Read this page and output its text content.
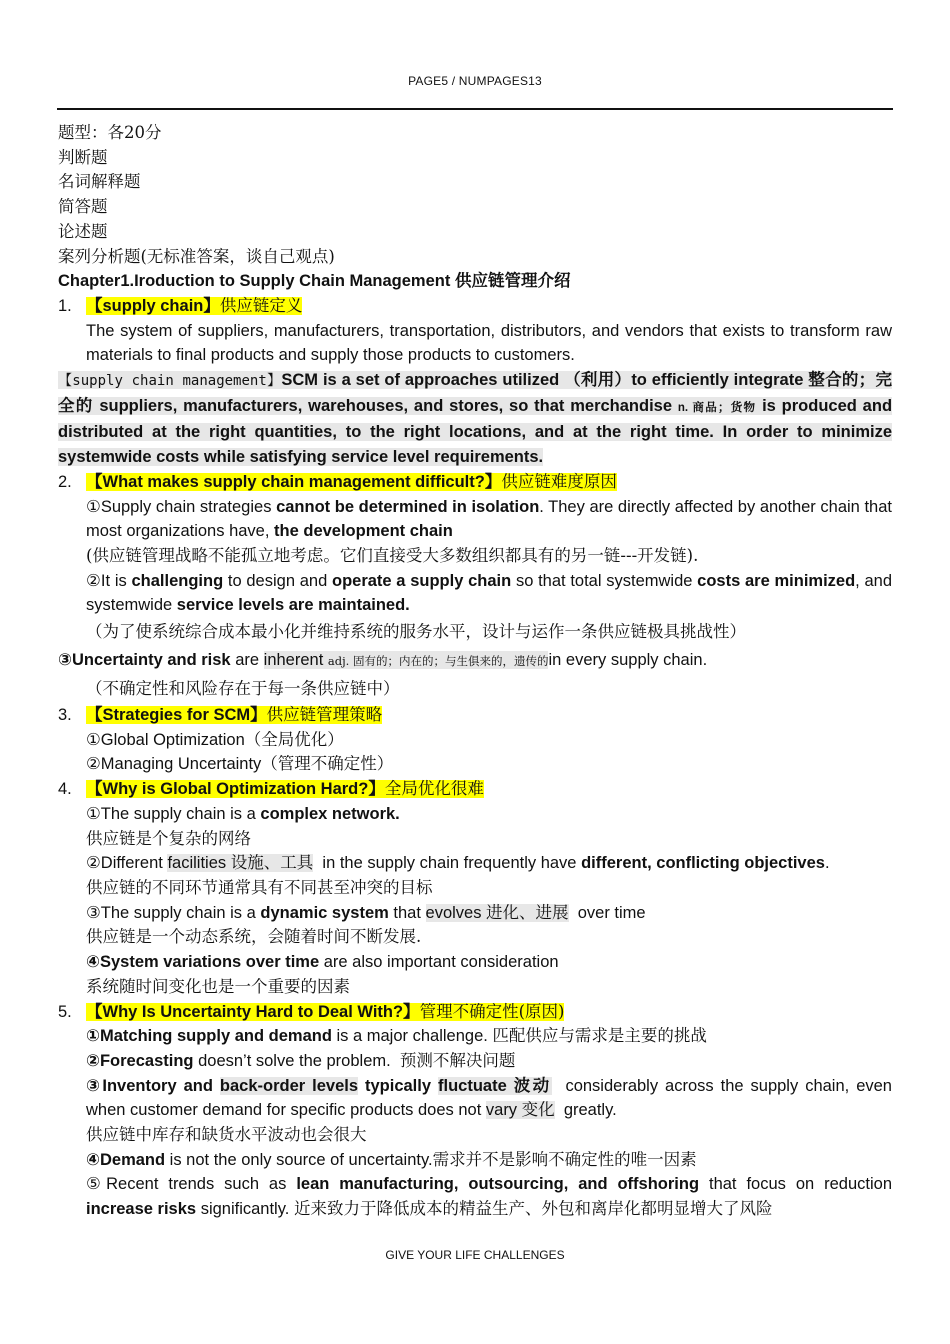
PAGE5 / NUMPAGES13

题型：各20分

判断题

名词解释题

简答题

论述题

案列分析题(无标准答案，谈自己观点)

Chapter1.Iroduction to Supply Chain Management 供应链管理介绍

1. 【supply chain】供应链定义

The system of suppliers, manufacturers, transportation, distributors, and vendors that exists to transform raw materials to final products and supply those products to customers.

【supply chain management】SCM is a set of approaches utilized （利用）to efficiently integrate 整合的；完全的 suppliers, manufacturers, warehouses, and stores, so that merchandise n. 商品；货物 is produced and distributed at the right quantities, to the right locations, and at the right time. In order to minimize systemwide costs while satisfying service level requirements.

2. 【What makes supply chain management difficult?】供应链难度原因

①Supply chain strategies cannot be determined in isolation. They are directly affected by another chain that most organizations have, the development chain

(供应链管理战略不能孤立地考虑。它们直接受大多数组织都具有的另一链---开发链).

②It is challenging to design and operate a supply chain so that total systemwide costs are minimized, and systemwide service levels are maintained.

（为了使系统综合成本最小化并维持系统的服务水平，设计与运作一条供应链极具挑战性）

③Uncertainty and risk are inherent adj. 固有的；内在的；与生俱来的，遗传的in every supply chain.

（不确定性和风险存在于每一条供应链中）

3. 【Strategies for SCM】供应链管理策略

①Global Optimization（全局优化）

②Managing Uncertainty（管理不确定性）

4. 【Why is Global Optimization Hard?】全局优化很难

①The supply chain is a complex network.

供应链是个复杂的网络

②Different facilities 设施、工具 in the supply chain frequently have different, conflicting objectives.

供应链的不同环节通常具有不同甚至冲突的目标

③The supply chain is a dynamic system that evolves 进化、进展 over time

供应链是一个动态系统，会随着时间不断发展.

④System variations over time are also important consideration

系统随时间变化也是一个重要的因素

5. 【Why Is Uncertainty Hard to Deal With?】管理不确定性(原因)

①Matching supply and demand is a major challenge. 匹配供应与需求是主要的挑战

②Forecasting doesn’t solve the problem. 预测不解决问题

③Inventory and back-order levels typically fluctuate 波动 considerably across the supply chain, even when customer demand for specific products does not vary 变化 greatly.

供应链中库存和缺货水平波动也会很大

④Demand is not the only source of uncertainty.需求并不是影响不确定性的唯一因素

⑤Recent trends such as lean manufacturing, outsourcing, and offshoring that focus on reduction increase risks significantly. 近来致力于降低成本的精益生产、外包和离岸化都明显增大了风险

GIVE YOUR LIFE CHALLENGES
